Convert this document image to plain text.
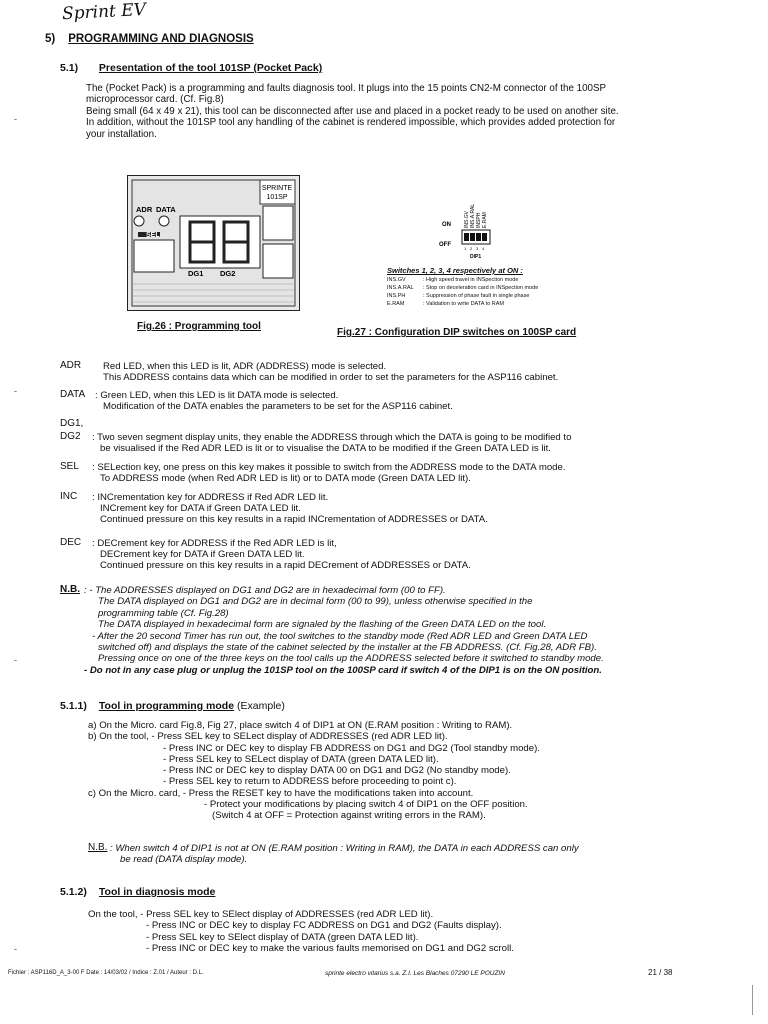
Sprint EV
5) PROGRAMMING AND DIAGNOSIS
5.1) Presentation of the tool 101SP (Pocket Pack)
The (Pocket Pack) is a programming and faults diagnosis tool. It plugs into the 15 points CN2-M connector of the 100SP
microprocessor card. (Cf. Fig.8)
Being small (64 x 49 x 21), this tool can be disconnected after use and placed in a pocket ready to be used on another site.
In addition, without the 101SP tool any handling of the cabinet is rendered impossible, which provides added protection for
your installation.
SPRINTE
101SP
ADR DATA
SEL
DG1 DG2
INS.GV INS.A.RAL INSPH E.RAM
ON
OFF
1 2 3 4
DIP1
Switches 1, 2, 3, 4 respectively at ON :
INS.GV	: High speed travel in INSpection mode
INS.A.RAL : Stop on deceleration card in INSpection mode
INS.PH	: Suppression of phase fault in single phase
E.RAM	: Validation to write DATA to RAM
Fig.26 : Programming tool
Fig.27 : Configuration DIP switches on 100SP card
ADR Red LED, when this LED is lit, ADR (ADDRESS) mode is selected.
This ADDRESS contains data which can be modified in order to set the parameters for the ASP116 cabinet.
DATA : Green LED, when this LED is lit DATA mode is selected.
Modification of the DATA enables the parameters to be set for the ASP116 cabinet.
DG1,
DG2 : Two seven segment display units, they enable the ADDRESS through which the DATA is going to be modified to
be visualised if the Red ADR LED is lit or to visualise the DATA to be modified if the Green DATA LED is lit.
SEL : SELection key, one press on this key makes it possible to switch from the ADDRESS mode to the DATA mode.
To ADDRESS mode (when Red ADR LED is lit) or to DATA mode (Green DATA LED lit).
INC : INCrementation key for ADDRESS if Red ADR LED lit.
INCrement key for DATA if Green DATA LED lit.
Continued pressure on this key results in a rapid INCrementation of ADDRESSES or DATA.
DEC : DECrement key for ADDRESS if the Red ADR LED is lit,
DECrement key for DATA if Green DATA LED lit.
Continued pressure on this key results in a rapid DECrement of ADDRESSES or DATA.
N.B. : - The ADDRESSES displayed on DG1 and DG2 are in hexadecimal form (00 to FF).
The DATA displayed on DG1 and DG2 are in decimal form (00 to 99), unless otherwise specified in the
programming table (Cf. Fig.28)
The DATA displayed in hexadecimal form are signaled by the flashing of the Green DATA LED on the tool.
- After the 20 second Timer has run out, the tool switches to the standby mode (Red ADR LED and Green DATA LED
switched off) and displays the state of the cabinet selected by the installer at the FB ADDRESS. (Cf. Fig.28, ADR FB).
Pressing once on one of the three keys on the tool calls up the ADDRESS selected before it switched to standby mode.
- Do not in any case plug or unplug the 101SP tool on the 100SP card if switch 4 of the DIP1 is on the ON position.
5.1.1) Tool in programming mode (Example)
a) On the Micro. card Fig.8, Fig 27, place switch 4 of DIP1 at ON (E.RAM position : Writing to RAM).
b) On the tool, - Press SEL key to SELect display of ADDRESSES (red ADR LED lit).
- Press INC or DEC key to display FB ADDRESS on DG1 and DG2 (Tool standby mode).
- Press SEL key to SELect display of DATA (green DATA LED lit).
- Press INC or DEC key to display DATA 00 on DG1 and DG2 (No standby mode).
- Press SEL key to return to ADDRESS before proceeding to point c).
c) On the Micro. card, - Press the RESET key to have the modifications taken into account.
- Protect your modifications by placing switch 4 of DIP1 on the OFF position.
(Switch 4 at OFF = Protection against writing errors in the RAM).
N.B. : When switch 4 of DIP1 is not at ON (E.RAM position : Writing in RAM), the DATA in each ADDRESS can only
be read (DATA display mode).
5.1.2) Tool in diagnosis mode
On the tool, - Press SEL key to SElect display of ADDRESSES (red ADR LED lit).
- Press INC or DEC key to display FC ADDRESS on DG1 and DG2 (Faults display).
- Press SEL key to SElect display of DATA (green DATA LED lit).
- Press INC or DEC key to make the various faults memorised on DG1 and DG2 scroll.
Fichier : ASP116D_A_3-00 F Date : 14/03/02 / Indice : Z.01 / Auteur : D.L.	sprinte electro vitarius s.a. Z.I. Les Blaches 07290 LE POUZIN	21 / 38
-
-
-
-
